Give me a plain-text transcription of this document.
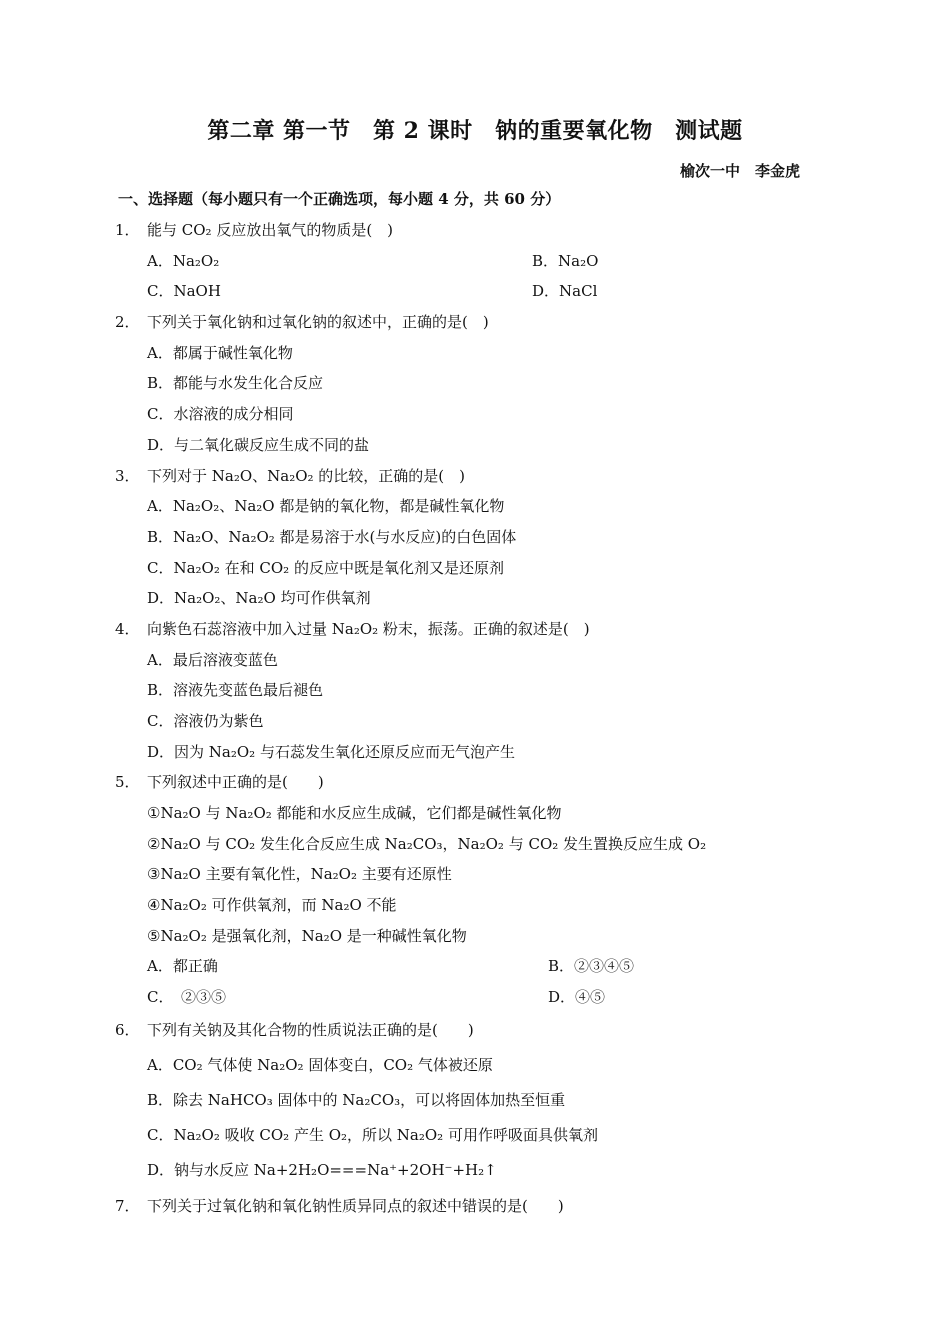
第二章 第一节　第 2 课时　钠的重要氧化物　测试题
榆次一中　李金虎
一、选择题（每小题只有一个正确选项，每小题 4 分，共 60 分）
1． 能与 CO₂ 反应放出氧气的物质是(　)
A．Na₂O₂	B．Na₂O
C．NaOH	D．NaCl
2． 下列关于氧化钠和过氧化钠的叙述中，正确的是(　)
A．都属于碱性氧化物
B．都能与水发生化合反应
C．水溶液的成分相同
D．与二氧化碳反应生成不同的盐
3． 下列对于 Na₂O、Na₂O₂ 的比较，正确的是(　)
A．Na₂O₂、Na₂O 都是钠的氧化物，都是碱性氧化物
B．Na₂O、Na₂O₂ 都是易溶于水(与水反应)的白色固体
C．Na₂O₂ 在和 CO₂ 的反应中既是氧化剂又是还原剂
D．Na₂O₂、Na₂O 均可作供氧剂
4． 向紫色石蕊溶液中加入过量 Na₂O₂ 粉末，振荡。正确的叙述是(　)
A．最后溶液变蓝色
B．溶液先变蓝色最后褪色
C．溶液仍为紫色
D．因为 Na₂O₂ 与石蕊发生氧化还原反应而无气泡产生
5． 下列叙述中正确的是(　　)
①Na₂O 与 Na₂O₂ 都能和水反应生成碱，它们都是碱性氧化物
②Na₂O 与 CO₂ 发生化合反应生成 Na₂CO₃，Na₂O₂ 与 CO₂ 发生置换反应生成 O₂
③Na₂O 主要有氧化性，Na₂O₂ 主要有还原性
④Na₂O₂ 可作供氧剂，而 Na₂O 不能
⑤Na₂O₂ 是强氧化剂，Na₂O 是一种碱性氧化物
A．都正确	B．②③④⑤
C．　②③⑤	D．④⑤
6． 下列有关钠及其化合物的性质说法正确的是(　　)
A．CO₂ 气体使 Na₂O₂ 固体变白，CO₂ 气体被还原
B．除去 NaHCO₃ 固体中的 Na₂CO₃，可以将固体加热至恒重
C．Na₂O₂ 吸收 CO₂ 产生 O₂，所以 Na₂O₂ 可用作呼吸面具供氧剂
D．钠与水反应 Na+2H₂O===Na⁺+2OH⁻+H₂↑
7． 下列关于过氧化钠和氧化钠性质异同点的叙述中错误的是(　　)
